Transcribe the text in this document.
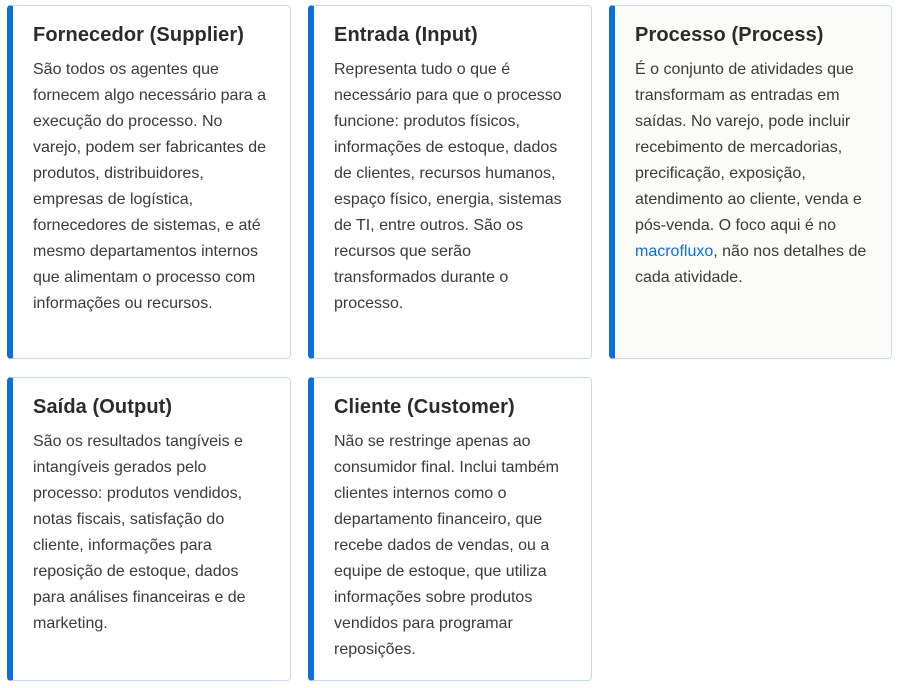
Fornecedor (Supplier)

São todos os agentes que fornecem algo necessário para a execução do processo. No varejo, podem ser fabricantes de produtos, distribuidores, empresas de logística, fornecedores de sistemas, e até mesmo departamentos internos que alimentam o processo com informações ou recursos.

Entrada (Input)

Representa tudo o que é necessário para que o processo funcione: produtos físicos, informações de estoque, dados de clientes, recursos humanos, espaço físico, energia, sistemas de TI, entre outros. São os recursos que serão transformados durante o processo.

Processo (Process)

É o conjunto de atividades que transformam as entradas em saídas. No varejo, pode incluir recebimento de mercadorias, precificação, exposição, atendimento ao cliente, venda e pós-venda. O foco aqui é no macrofluxo, não nos detalhes de cada atividade.

Saída (Output)

São os resultados tangíveis e intangíveis gerados pelo processo: produtos vendidos, notas fiscais, satisfação do cliente, informações para reposição de estoque, dados para análises financeiras e de marketing.

Cliente (Customer)

Não se restringe apenas ao consumidor final. Inclui também clientes internos como o departamento financeiro, que recebe dados de vendas, ou a equipe de estoque, que utiliza informações sobre produtos vendidos para programar reposições.
